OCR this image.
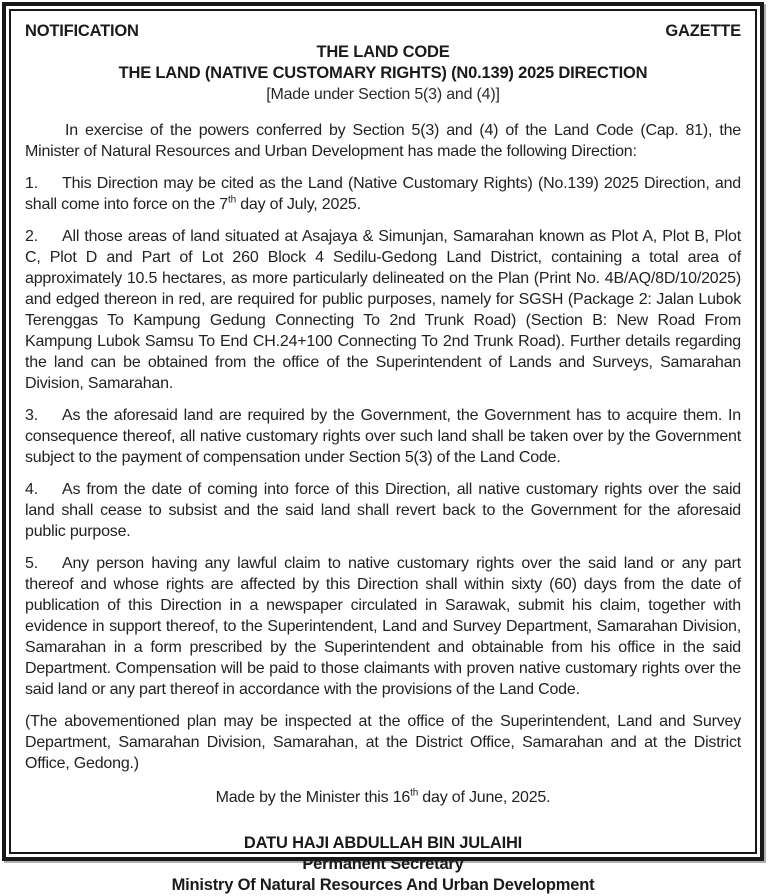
NOTIFICATION	GAZETTE
THE LAND CODE
THE LAND (NATIVE CUSTOMARY RIGHTS) (N0.139) 2025 DIRECTION
[Made under Section 5(3) and (4)]

In exercise of the powers conferred by Section 5(3) and (4) of the Land Code (Cap. 81), the Minister of Natural Resources and Urban Development has made the following Direction:

1. This Direction may be cited as the Land (Native Customary Rights) (No.139) 2025 Direction, and shall come into force on the 7th day of July, 2025.

2. All those areas of land situated at Asajaya & Simunjan, Samarahan known as Plot A, Plot B, Plot C, Plot D and Part of Lot 260 Block 4 Sedilu-Gedong Land District, containing a total area of approximately 10.5 hectares, as more particularly delineated on the Plan (Print No. 4B/AQ/8D/10/2025) and edged thereon in red, are required for public purposes, namely for SGSH (Package 2: Jalan Lubok Terenggas To Kampung Gedung Connecting To 2nd Trunk Road) (Section B: New Road From Kampung Lubok Samsu To End CH.24+100 Connecting To 2nd Trunk Road). Further details regarding the land can be obtained from the office of the Superintendent of Lands and Surveys, Samarahan Division, Samarahan.

3. As the aforesaid land are required by the Government, the Government has to acquire them. In consequence thereof, all native customary rights over such land shall be taken over by the Government subject to the payment of compensation under Section 5(3) of the Land Code.

4. As from the date of coming into force of this Direction, all native customary rights over the said land shall cease to subsist and the said land shall revert back to the Government for the aforesaid public purpose.

5. Any person having any lawful claim to native customary rights over the said land or any part thereof and whose rights are affected by this Direction shall within sixty (60) days from the date of publication of this Direction in a newspaper circulated in Sarawak, submit his claim, together with evidence in support thereof, to the Superintendent, Land and Survey Department, Samarahan Division, Samarahan in a form prescribed by the Superintendent and obtainable from his office in the said Department. Compensation will be paid to those claimants with proven native customary rights over the said land or any part thereof in accordance with the provisions of the Land Code.

(The abovementioned plan may be inspected at the office of the Superintendent, Land and Survey Department, Samarahan Division, Samarahan, at the District Office, Samarahan and at the District Office, Gedong.)

Made by the Minister this 16th day of June, 2025.

DATU HAJI ABDULLAH BIN JULAIHI
Permanent Secretary
Ministry Of Natural Resources And Urban Development
